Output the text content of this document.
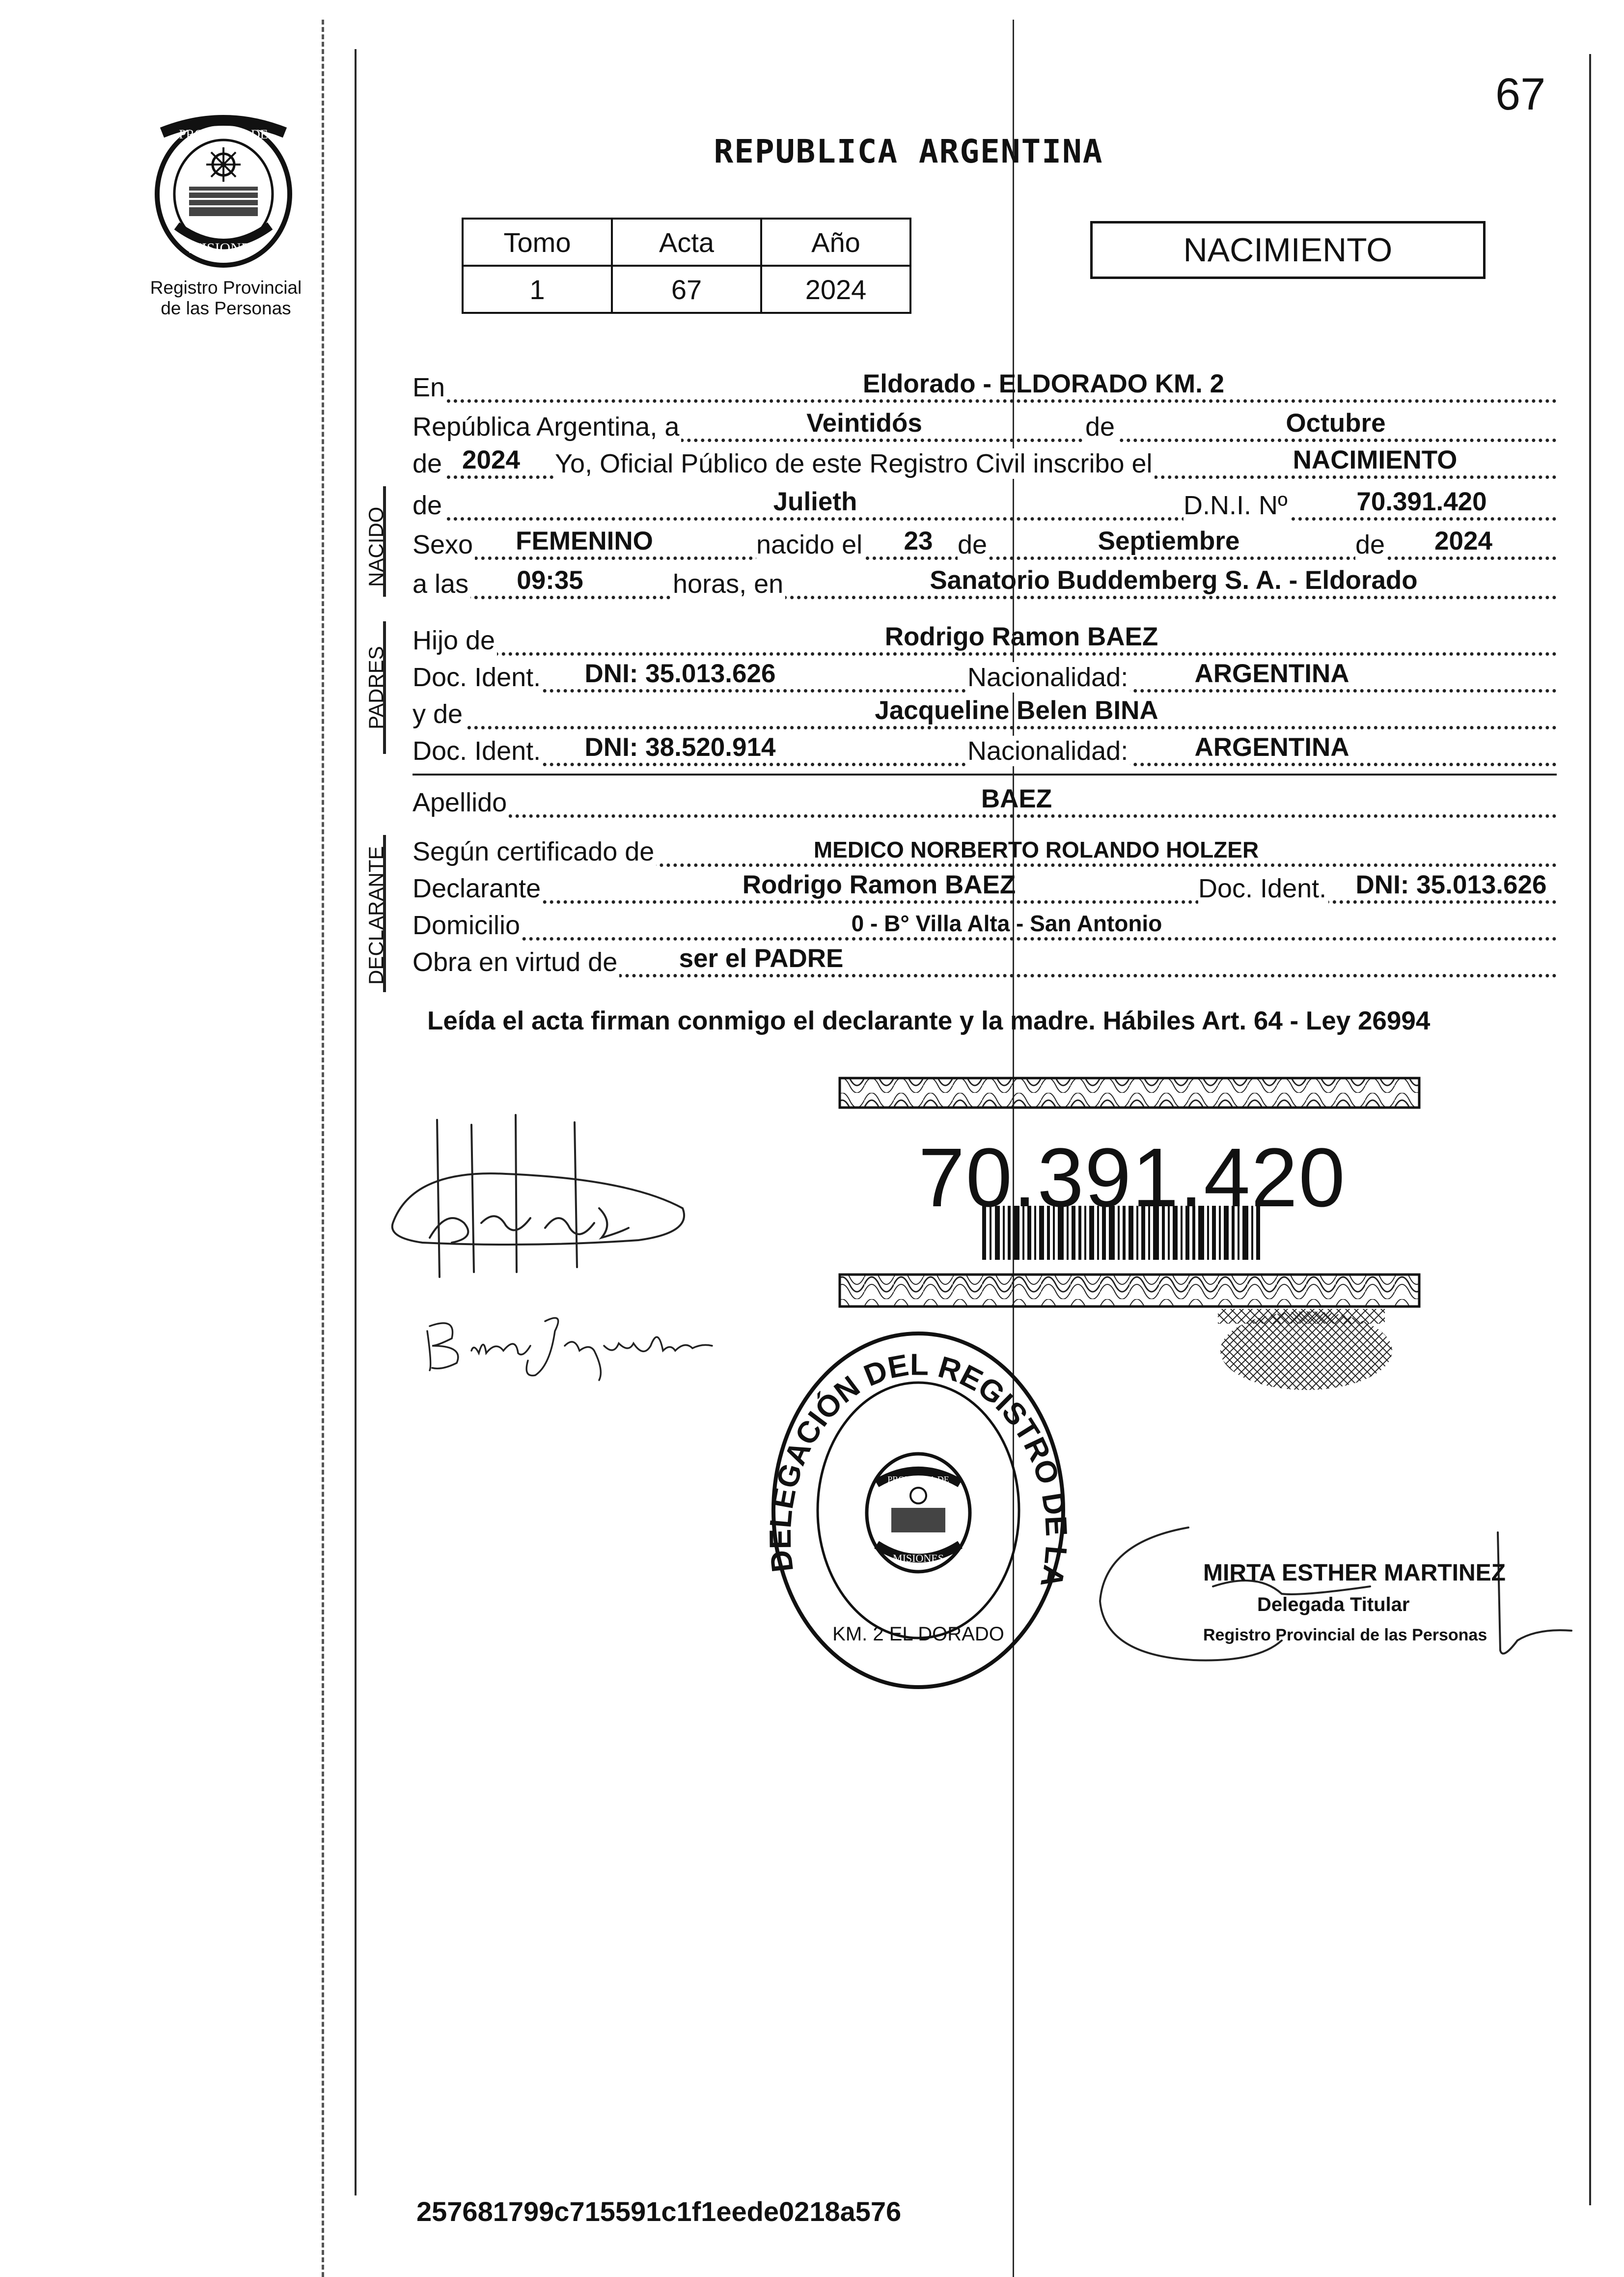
67
PROVINCIA DE
MISIONES
Registro Provincial
de las Personas
REPUBLICA ARGENTINA
Tomo	Acta	Año
1	67	2024
NACIMIENTO
En	Eldorado - ELDORADO KM. 2
República Argentina, a	Veintidós	de	Octubre
de 2024	Yo, Oficial Público de este Registro Civil inscribo el	NACIMIENTO
NACIDO
de	Julieth	D.N.I. Nº	70.391.420
Sexo	FEMENINO	nacido el	23 de	Septiembre	de	2024
a las	09:35	horas, en	Sanatorio Buddemberg S. A. - Eldorado
PADRES
Hijo de	Rodrigo Ramon BAEZ
Doc. Ident.	DNI: 35.013.626	Nacionalidad:	ARGENTINA
y de	Jacqueline Belen BINA
Doc. Ident.	DNI: 38.520.914	Nacionalidad:	ARGENTINA
Apellido	BAEZ
DECLARANTE Según certificado de	MEDICO NORBERTO ROLANDO HOLZER
Declarante	Rodrigo Ramon BAEZ	Doc. Ident.	DNI: 35.013.626
Domicilio	0 - B° Villa Alta - San Antonio
Obra en virtud de	ser el PADRE
Leída el acta firman conmigo el declarante y la madre. Hábiles Art. 64 - Ley 26994
70.391.420
DELEGACIÓN DEL REGISTRO DE LA
KM. 2 EL DORADO
PROVINCIA DE
MISIONES
MIRTA ESTHER MARTINEZ
Delegada Titular
Registro Provincial de las Personas
257681799c715591c1f1eede0218a576
